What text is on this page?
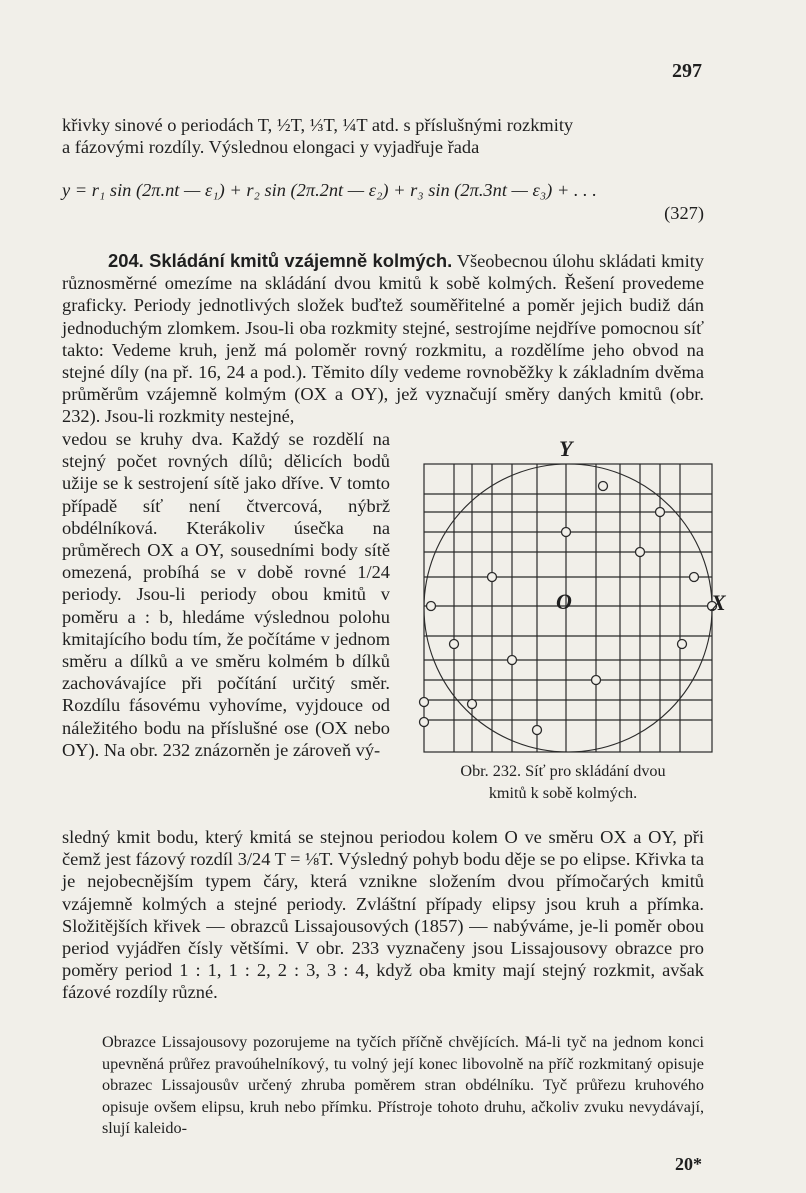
297

křivky sinové o periodách T, ½T, ⅓T, ¼T atd. s příslušnými rozkmity

a fázovými rozdíly. Výslednou elongaci y vyjadřuje řada

y = r₁ sin (2π.nt — ε₁) + r₂ sin (2π.2nt — ε₂) + r₃ sin (2π.3nt — ε₃) + . . .
(327)

204. Skládání kmitů vzájemně kolmých. Všeobecnou úlohu skládati kmity různosměrné omezíme na skládání dvou kmitů k sobě kolmých. Řešení provedeme graficky. Periody jednotlivých složek buďtež souměřitelné a poměr jejich budiž dán jednoduchým zlomkem. Jsou-li oba rozkmity stejné, sestrojíme nejdříve pomocnou síť takto: Vedeme kruh, jenž má poloměr rovný rozkmitu, a rozdělíme jeho obvod na stejné díly (na př. 16, 24 a pod.). Těmito díly vedeme rovnoběžky k základním dvěma průměrům vzájemně kolmým (OX a OY), jež vyznačují směry daných kmitů (obr. 232). Jsou-li rozkmity nestejné,

vedou se kruhy dva. Každý se rozdělí na stejný počet rovných dílů; dělicích bodů užije se k sestrojení sítě jako dříve. V tomto případě síť není čtvercová, nýbrž obdélníková. Kterákoliv úsečka na průměrech OX a OY, sousedními body sítě omezená, probíhá se v době rovné 1/24 periody. Jsou-li periody obou kmitů v poměru a : b, hledáme výslednou polohu kmitajícího bodu tím, že počítáme v jednom směru a dílků a ve směru kolmém b dílků zachovávajíce při počítání určitý směr. Rozdílu fásovému vyhovíme, vyjdouce od náležitého bodu na příslušné ose (OX nebo OY). Na obr. 232 znázorněn je zároveň vý-

Y
X
O
Obr. 232. Síť pro skládání dvou
kmitů k sobě kolmých.

sledný kmit bodu, který kmitá se stejnou periodou kolem O ve směru OX a OY, při čemž jest fázový rozdíl 3/24 T = ⅛T. Výsledný pohyb bodu děje se po elipse. Křivka ta je nejobecnějším typem čáry, která vznikne složením dvou přímočarých kmitů vzájemně kolmých a stejné periody. Zvláštní případy elipsy jsou kruh a přímka. Složitějších křivek — obrazců Lissajousových (1857) — nabýváme, je-li poměr obou period vyjádřen čísly většími. V obr. 233 vyznačeny jsou Lissajousovy obrazce pro poměry period 1 : 1, 1 : 2, 2 : 3, 3 : 4, když oba kmity mají stejný rozkmit, avšak fázové rozdíly různé.

Obrazce Lissajousovy pozorujeme na tyčích příčně chvějících. Má-li tyč na jednom konci upevněná průřez pravoúhelníkový, tu volný její konec libovolně na příč rozkmitaný opisuje obrazec Lissajousův určený zhruba poměrem stran obdélníku. Tyč průřezu kruhového opisuje ovšem elipsu, kruh nebo přímku. Přístroje tohoto druhu, ačkoliv zvuku nevydávají, slují kaleido-

20*
